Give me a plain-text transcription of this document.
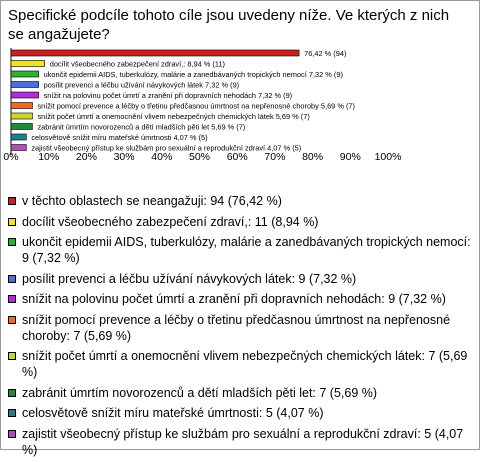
Specifické podcíle tohoto cíle jsou uvedeny níže. Ve kterých z nich se angažujete?
76,42 % (94)
docílit všeobecného zabezpečení zdraví,: 8,94 % (11)
ukončit epidemii AIDS, tuberkulózy, malárie a zanedbávaných tropických nemocí 7,32 % (9)
posílit prevenci a léčbu užívání návykových látek 7,32 % (9)
snížit na polovinu počet úmrtí a zranění při dopravních nehodách 7,32 % (9)
snížit pomocí prevence a léčby o třetinu předčasnou úmrtnost na nepřenosné choroby 5,69 % (7)
snížit počet úmrtí a onemocnění vlivem nebezpečných chemických látek 5,69 % (7)
zabránit úmrtím novorozenců a dětí mladších pěti let 5,69 % (7)
celosvětově snížit míru mateřské úmrtnosti 4,07 % (5)
zajistit všeobecný přístup ke službám pro sexuální a reprodukční zdraví 4,07 % (5)
0% 10% 20% 30% 40% 50% 60% 70% 80% 90% 100%
v těchto oblastech se neangažuji: 94 (76,42 %)
docílit všeobecného zabezpečení zdraví,: 11 (8,94 %)
ukončit epidemii AIDS, tuberkulózy, malárie a zanedbávaných tropických nemocí: 9 (7,32 %)
posílit prevenci a léčbu užívání návykových látek: 9 (7,32 %)
snížit na polovinu počet úmrtí a zranění při dopravních nehodách: 9 (7,32 %)
snížit pomocí prevence a léčby o třetinu předčasnou úmrtnost na nepřenosné choroby: 7 (5,69 %)
snížit počet úmrtí a onemocnění vlivem nebezpečných chemických látek: 7 (5,69 %)
zabránit úmrtím novorozenců a dětí mladších pěti let: 7 (5,69 %)
celosvětově snížit míru mateřské úmrtnosti: 5 (4,07 %)
zajistit všeobecný přístup ke službám pro sexuální a reprodukční zdraví: 5 (4,07 %)
